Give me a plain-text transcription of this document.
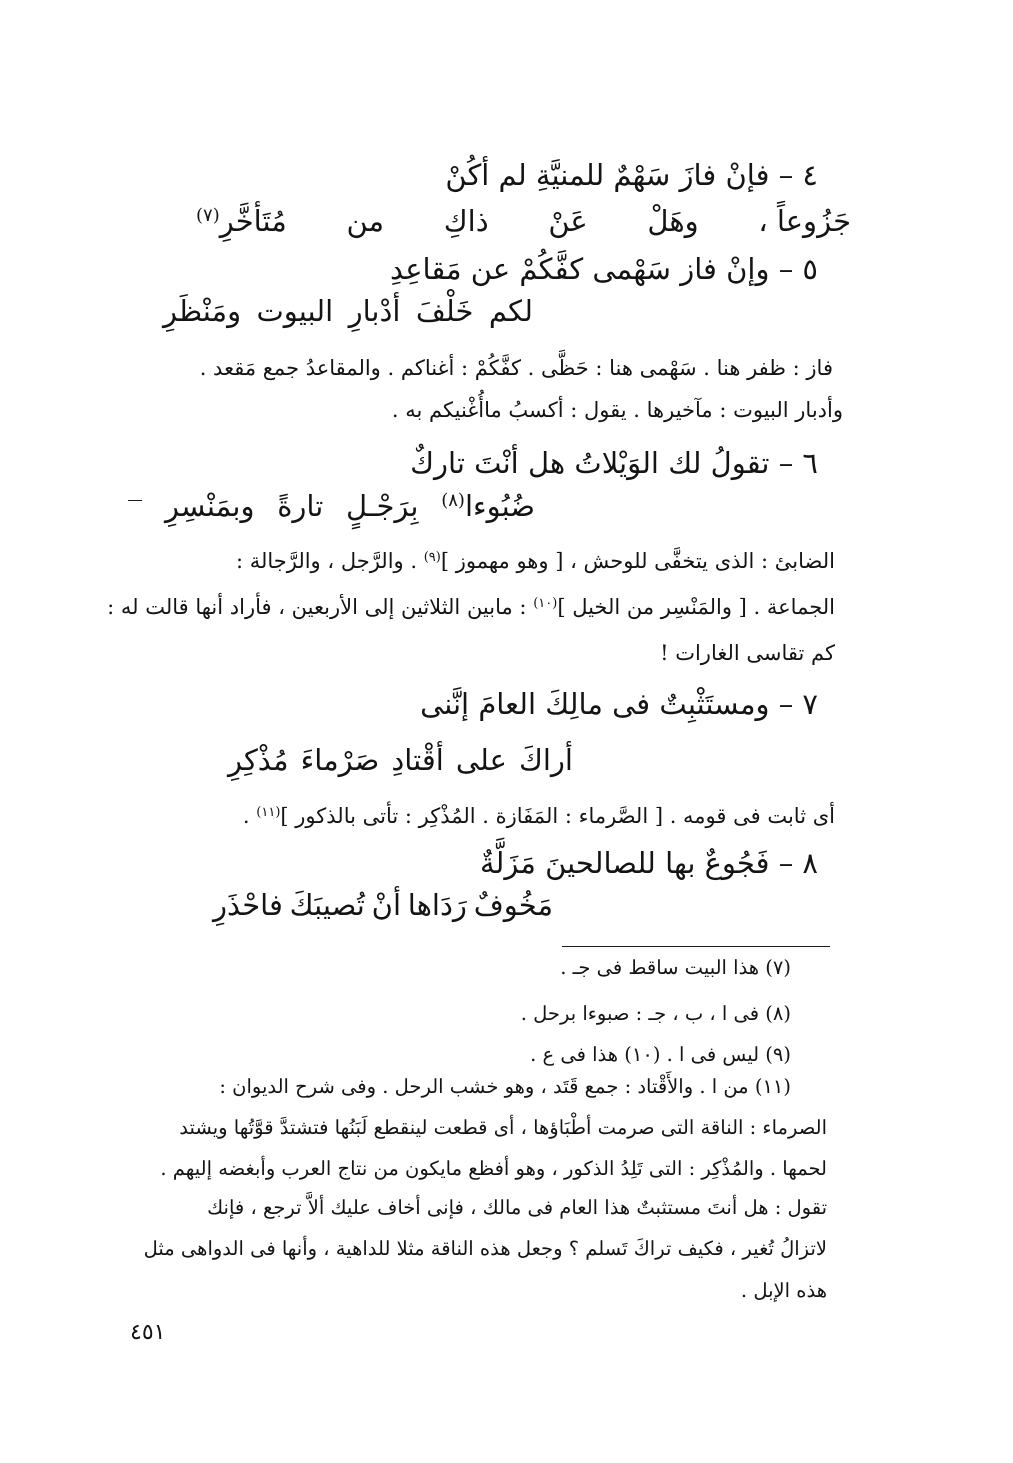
٤ – فإنْ فازَ سَهْمٌ للمنيَّةِ لم أكُنْ
جَزُوعاً ،
وهَلْ
عَنْ
ذاكِ
من
مُتَأخَّرِ$^{(٧)}$
٥ – وإنْ فاز سَهْمى كفَّكُمْ عن مَقاعِدِ
لكم
خَلْفَ
أدْبارِ
البيوت
ومَنْظَرِ
فاز : ظفر هنا . سَهْمى هنا : حَظَّى . كفَّكُمْ : أغناكم . والمقاعدُ جمع مَقعد .
وأدبار البيوت : مآخيرها . يقول : أكسبُ ماأُغْنيكم به .
٦ – تقولُ لك الوَيْلاتُ هل أنْتَ تاركٌ
ضُبُوءا$^{(٨)}$
بِرَجْـلٍ
تارةً
وبمَنْسِرِ
الضابئ : الذى يتخفَّى للوحش ، [ وهو مهموز ]$^{(٩)}$ . والرَّجل ، والرَّجالة :
الجماعة . [ والمَنْسِر من الخيل ]$^{(١٠)}$ : مابين الثلاثين إلى الأربعين ، فأراد أنها قالت له :
كم تقاسى الغارات !
٧ – ومستَثْبِتٌ فى مالِكَ العامَ إنَّنى
أراكَ
على
أقْتادِ
صَرْماءَ
مُذْكِرِ
أى ثابت فى قومه . [ الصَّرماء : المَفَازة . المُذْكِر : تأتى بالذكور ]$^{(١١)}$ .
٨ – فَجُوعٌ بها للصالحينَ مَزَلَّةٌ
مَخُوفٌ
رَدَاها
أنْ
تُصيبَكَ
فاحْذَرِ
(٧) هذا البيت ساقط فى جـ .
(٨) فى ا ، ب ، جـ : صبوءا برحل .
(٩) ليس فى ا . (١٠) هذا فى ع .
(١١) من ا . والأَقْتاد : جمع قَتَد ، وهو خشب الرحل . وفى شرح الديوان :
الصرماء : الناقة التى صرمت أطْبَاؤها ، أى قطعت لينقطع لَبَنُها فتشتدَّ قوَّتُها ويشتد
لحمها . والمُذْكِر : التى تَلِدُ الذكور ، وهو أفظع مايكون من نتاج العرب وأبغضه إليهم .
تقول : هل أنتَ مستثبتٌ هذا العام فى مالك ، فإنى أخاف عليك ألاَّ ترجع ، فإنك
لاتزالُ تُغير ، فكيف تراكَ تَسلم ؟ وجعل هذه الناقة مثلا للداهية ، وأنها فى الدواهى مثل
هذه الإبل .
٤٥١
